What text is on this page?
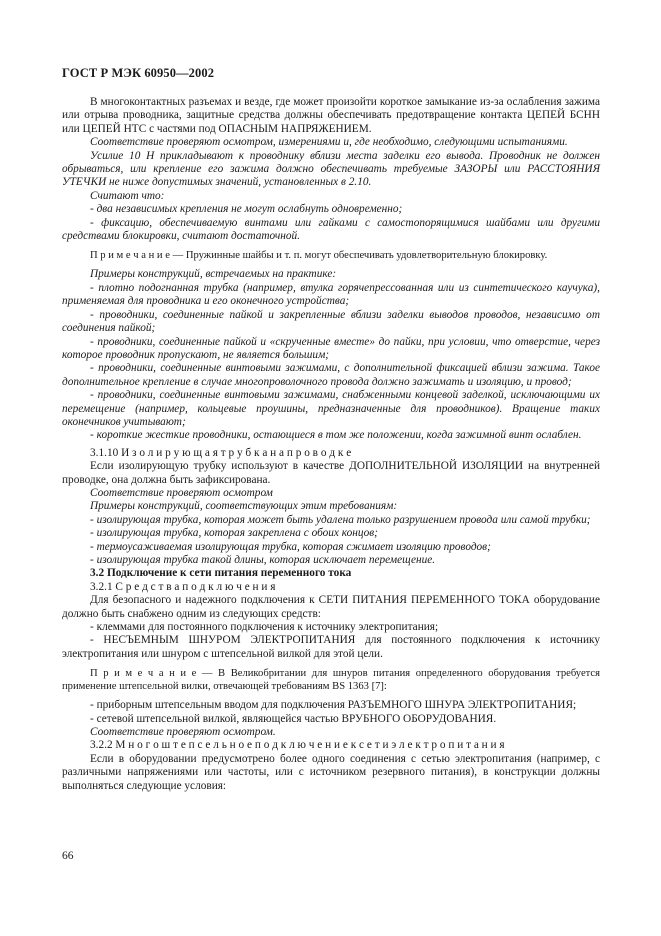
ГОСТ Р МЭК 60950—2002

В многоконтактных разъемах и везде, где может произойти короткое замыкание из-за ослабления зажима или отрыва проводника, защитные средства должны обеспечивать предотвращение контакта ЦЕПЕЙ БСНН или ЦЕПЕЙ НТС с частями под ОПАСНЫМ НАПРЯЖЕНИЕМ.

Соответствие проверяют осмотром, измерениями и, где необходимо, следующими испытаниями.

Усилие 10 Н прикладывают к проводнику вблизи места заделки его вывода. Проводник не должен обрываться, или крепление его зажима должно обеспечивать требуемые ЗАЗОРЫ или РАССТОЯНИЯ УТЕЧКИ не ниже допустимых значений, установленных в 2.10.

Считают что:

- два независимых крепления не могут ослабнуть одновременно;

- фиксацию, обеспечиваемую винтами или гайками с самостопорящимися шайбами или другими средствами блокировки, считают достаточной.

П р и м е ч а н и е — Пружинные шайбы и т. п. могут обеспечивать удовлетворительную блокировку.

Примеры конструкций, встречаемых на практике:

- плотно подогнанная трубка (например, втулка горячепрессованная или из синтетического каучука), применяемая для проводника и его оконечного устройства;

- проводники, соединенные пайкой и закрепленные вблизи заделки выводов проводов, независимо от соединения пайкой;

- проводники, соединенные пайкой и «скрученные вместе» до пайки, при условии, что отверстие, через которое проводник пропускают, не является большим;

- проводники, соединенные винтовыми зажимами, с дополнительной фиксацией вблизи зажима. Такое дополнительное крепление в случае многопроволочного провода должно зажимать и изоляцию, и провод;

- проводники, соединенные винтовыми зажимами, снабженными концевой заделкой, исключающими их перемещение (например, кольцевые проушины, предназначенные для проводников). Вращение таких оконечников учитывают;

- короткие жесткие проводники, остающиеся в том же положении, когда зажимной винт ослаблен.

3.1.10 И з о л и р у ю щ а я т р у б к а н а п р о в о д к е

Если изолирующую трубку используют в качестве ДОПОЛНИТЕЛЬНОЙ ИЗОЛЯЦИИ на внутренней проводке, она должна быть зафиксирована.

Соответствие проверяют осмотром

Примеры конструкций, соответствующих этим требованиям:

- изолирующая трубка, которая может быть удалена только разрушением провода или самой трубки;

- изолирующая трубка, которая закреплена с обоих концов;

- термоусаживаемая изолирующая трубка, которая сжимает изоляцию проводов;

- изолирующая трубка такой длины, которая исключает перемещение.

3.2 Подключение к сети питания переменного тока

3.2.1 С р е д с т в а п о д к л ю ч е н и я

Для безопасного и надежного подключения к СЕТИ ПИТАНИЯ ПЕРЕМЕННОГО ТОКА оборудование должно быть снабжено одним из следующих средств:

- клеммами для постоянного подключения к источнику электропитания;

- НЕСЪЕМНЫМ ШНУРОМ ЭЛЕКТРОПИТАНИЯ для постоянного подключения к источнику электропитания или шнуром с штепсельной вилкой для этой цели.

П р и м е ч а н и е — В Великобритании для шнуров питания определенного оборудования требуется применение штепсельной вилки, отвечающей требованиям BS 1363 [7]:

- приборным штепсельным вводом для подключения РАЗЪЕМНОГО ШНУРА ЭЛЕКТРОПИТАНИЯ;

- сетевой штепсельной вилкой, являющейся частью ВРУБНОГО ОБОРУДОВАНИЯ.

Соответствие проверяют осмотром.

3.2.2 М н о г о ш т е п с е л ь н о е п о д к л ю ч е н и е к с е т и э л е к т р о п и т а н и я

Если в оборудовании предусмотрено более одного соединения с сетью электропитания (например, с различными напряжениями или частоты, или с источником резервного питания), в конструкции должны выполняться следующие условия:

66
